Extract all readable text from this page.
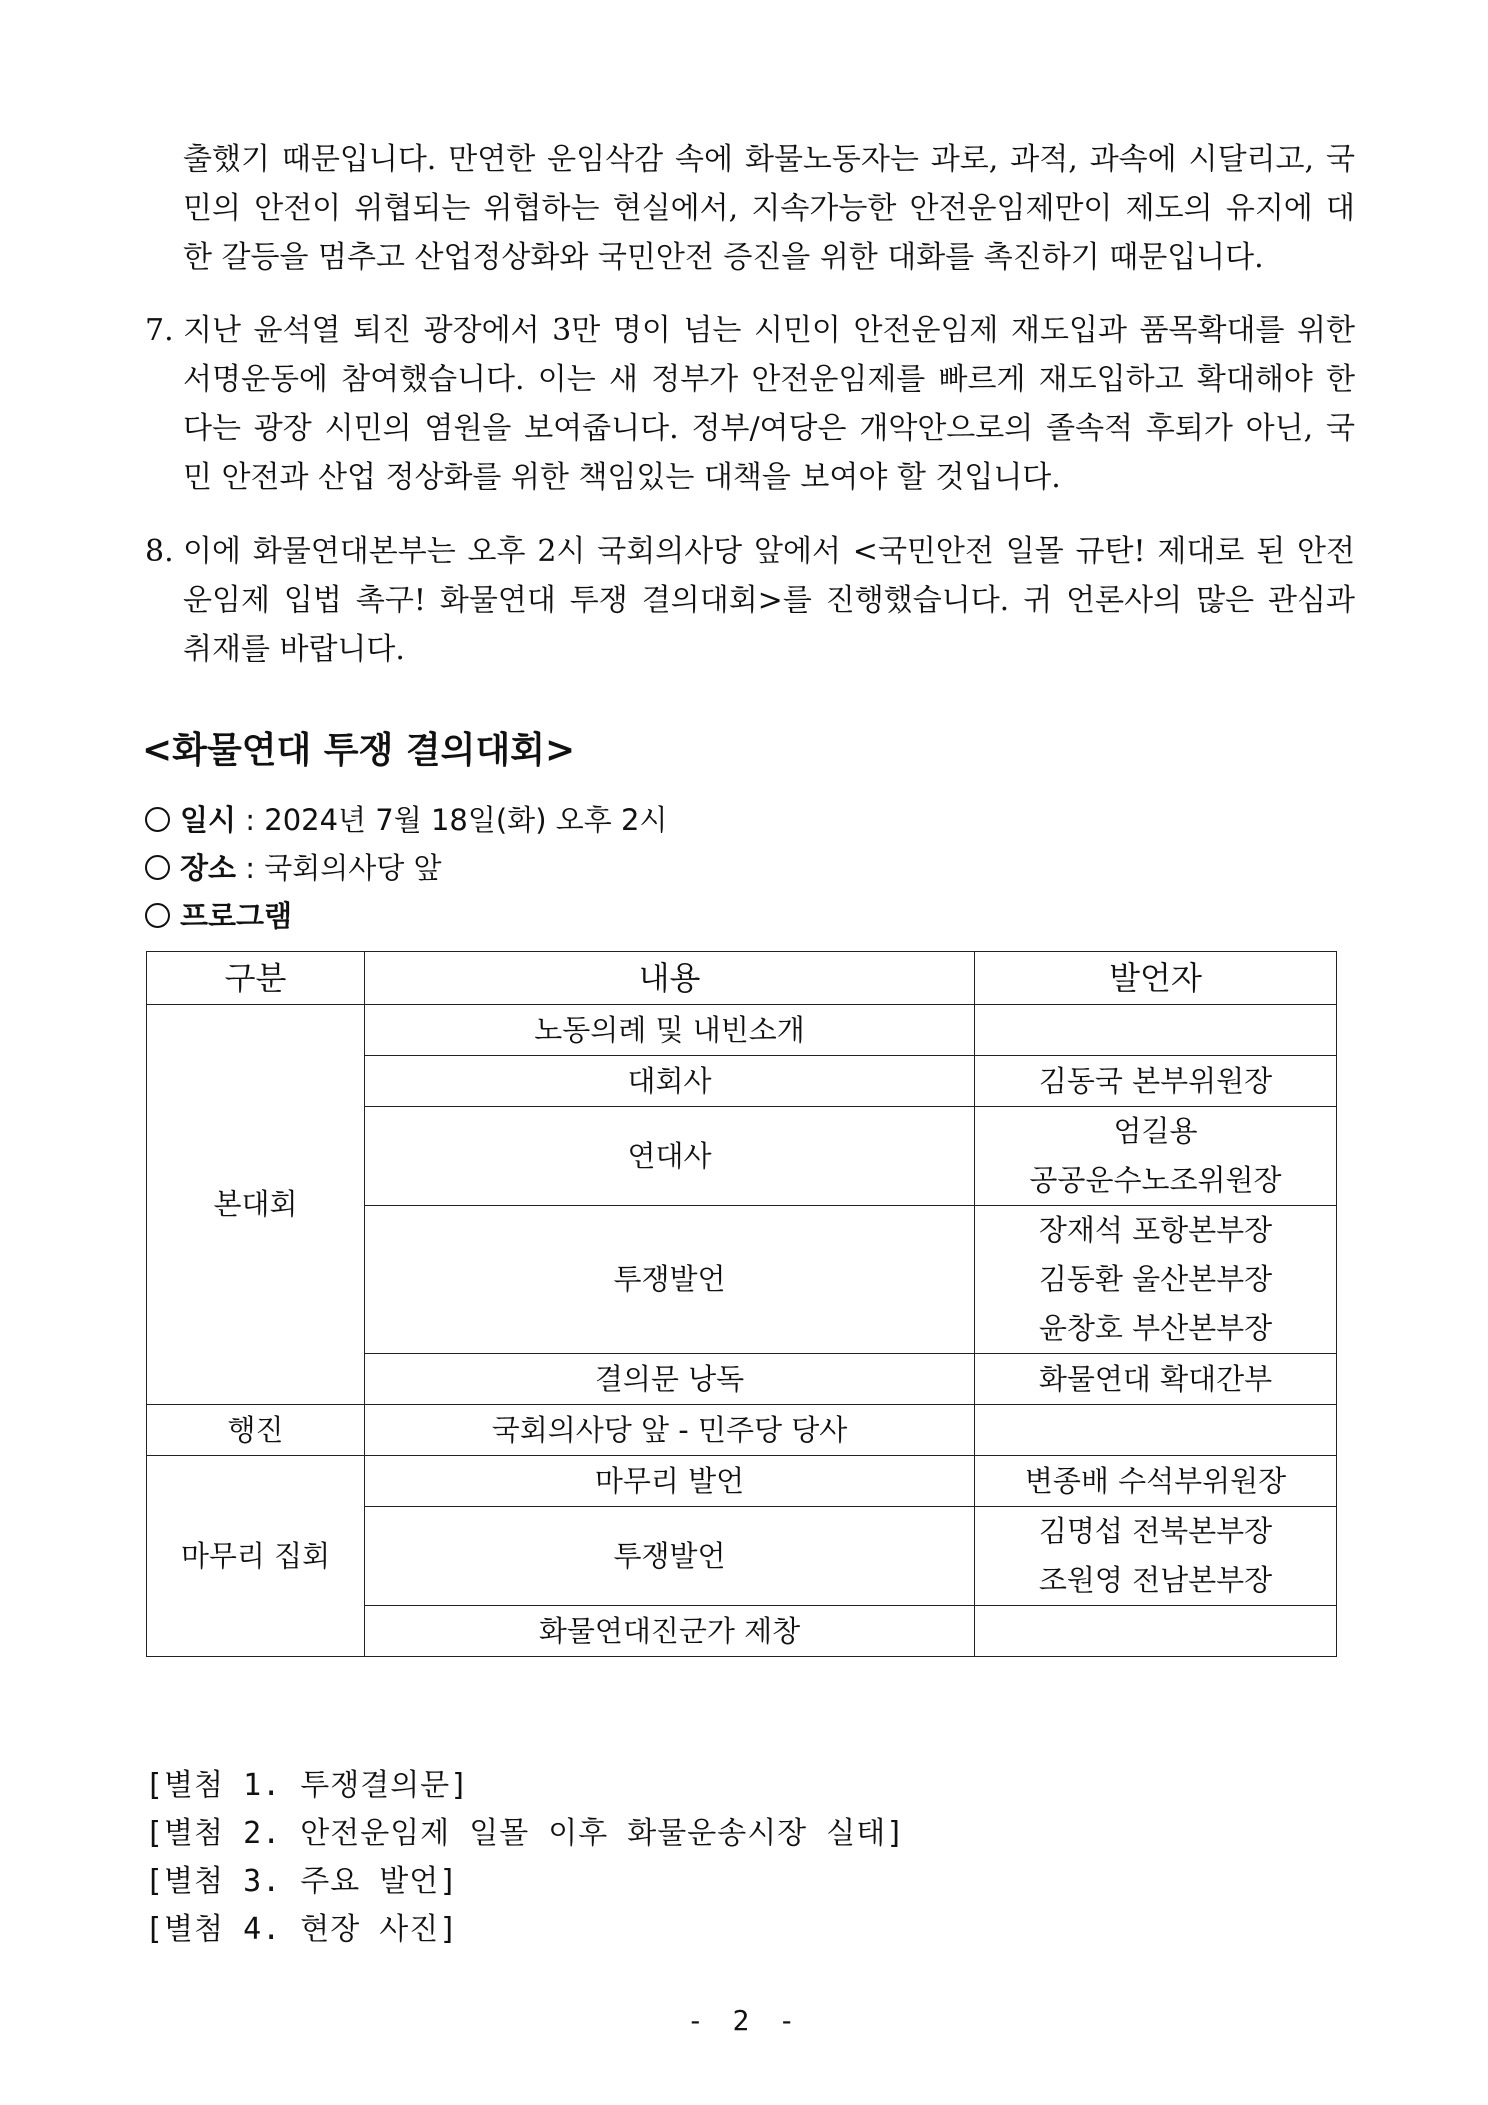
출했기 때문입니다. 만연한 운임삭감 속에 화물노동자는 과로, 과적, 과속에 시달리고, 국
민의 안전이 위협되는 위협하는 현실에서, 지속가능한 안전운임제만이 제도의 유지에 대
한 갈등을 멈추고 산업정상화와 국민안전 증진을 위한 대화를 촉진하기 때문입니다.
7. 지난 윤석열 퇴진 광장에서 3만 명이 넘는 시민이 안전운임제 재도입과 품목확대를 위한
서명운동에 참여했습니다. 이는 새 정부가 안전운임제를 빠르게 재도입하고 확대해야 한
다는 광장 시민의 염원을 보여줍니다. 정부/여당은 개악안으로의 졸속적 후퇴가 아닌, 국
민 안전과 산업 정상화를 위한 책임있는 대책을 보여야 할 것입니다.
8. 이에 화물연대본부는 오후 2시 국회의사당 앞에서 <국민안전 일몰 규탄! 제대로 된 안전
운임제 입법 촉구! 화물연대 투쟁 결의대회>를 진행했습니다. 귀 언론사의 많은 관심과
취재를 바랍니다.
<화물연대 투쟁 결의대회>
일시 : 2024년 7월 18일(화) 오후 2시
장소 : 국회의사당 앞
프로그램
구분	내용	발언자
본대회	노동의례 및 내빈소개	
	대회사	김동국 본부위원장
	연대사	엄길용
공공운수노조위원장

	투쟁발언	장재석 포항본부장
김동환 울산본부장
윤창호 부산본부장

	결의문 낭독	화물연대 확대간부
행진	국회의사당 앞 - 민주당 당사	
마무리 집회	마무리 발언	변종배 수석부위원장
	투쟁발언	김명섭 전북본부장
조원영 전남본부장

	화물연대진군가 제창	
[별첨 1. 투쟁결의문]
[별첨 2. 안전운임제 일몰 이후 화물운송시장 실태]
[별첨 3. 주요 발언]
[별첨 4. 현장 사진]
- 2 -
